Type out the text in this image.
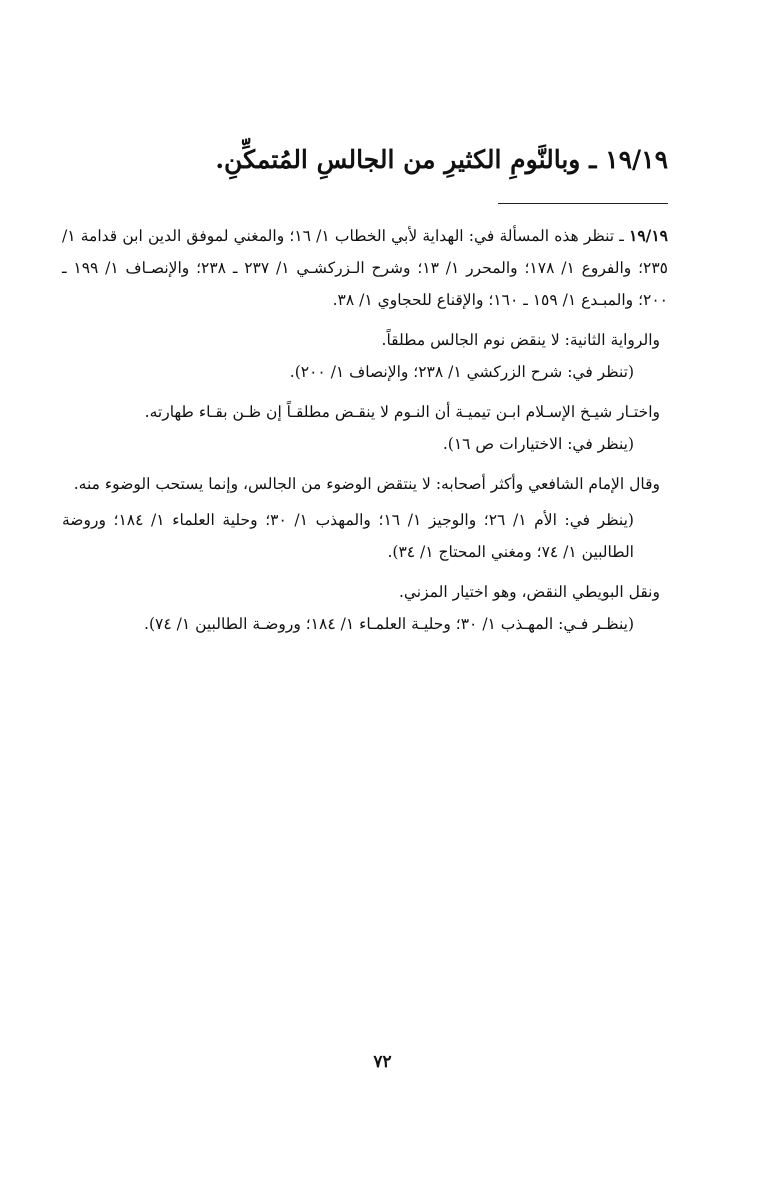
١٩/١٩ ـ وبالنَّومِ الكثيرِ من الجالسِ المُتمكِّنِ.

١٩/١٩ ـ تنظر هذه المسألة في: الهداية لأبي الخطاب ١/ ١٦؛ والمغني لموفق الدين ابن قدامة ١/ ٢٣٥؛ والفروع ١/ ١٧٨؛ والمحرر ١/ ١٣؛ وشرح الـزركشـي ١/ ٢٣٧ ـ ٢٣٨؛ والإنصـاف ١/ ١٩٩ ـ ٢٠٠؛ والمبـدع ١/ ١٥٩ ـ ١٦٠؛ والإقناع للحجاوي ١/ ٣٨.

والرواية الثانية: لا ينقض نوم الجالس مطلقاً.

(تنظر في: شرح الزركشي ١/ ٢٣٨؛ والإنصاف ١/ ٢٠٠).

واختـار شيـخ الإسـلام ابـن تيميـة أن النـوم لا ينقـض مطلقـاً إن ظـن بقـاء طهارته.

(ينظر في: الاختيارات ص ١٦).

وقال الإمام الشافعي وأكثر أصحابه: لا ينتقض الوضوء من الجالس، وإنما يستحب الوضوء منه.

(ينظر في: الأم ١/ ٢٦؛ والوجيز ١/ ١٦؛ والمهذب ١/ ٣٠؛ وحلية العلماء ١/ ١٨٤؛ وروضة الطالبين ١/ ٧٤؛ ومغني المحتاج ١/ ٣٤).

ونقل البويطي النقض، وهو اختيار المزني.

(ينظـر فـي: المهـذب ١/ ٣٠؛ وحليـة العلمـاء ١/ ١٨٤؛ وروضـة الطالبين ١/ ٧٤).

٧٢
